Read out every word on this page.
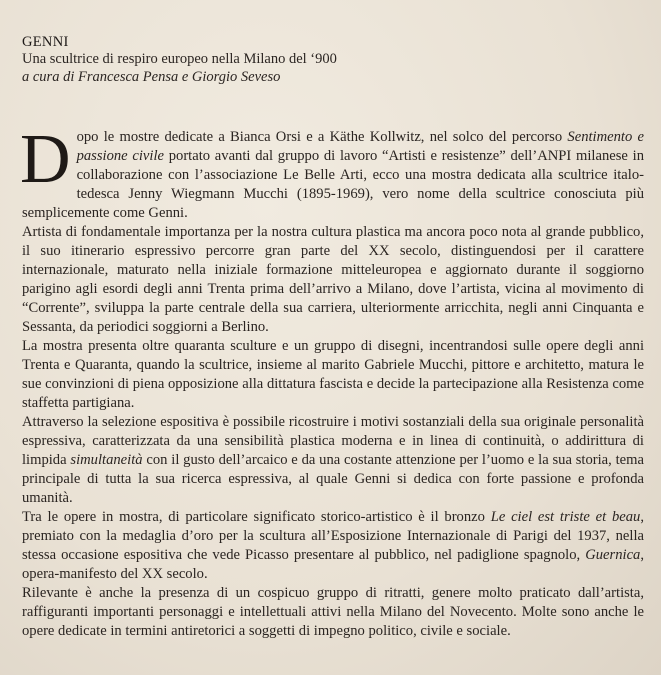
GENNI
Una scultrice di respiro europeo nella Milano del ‘900
a cura di Francesca Pensa e Giorgio Seveso

Dopo le mostre dedicate a Bianca Orsi e a Käthe Kollwitz, nel solco del percorso Sentimento e passione civile portato avanti dal gruppo di lavoro “Artisti e resistenze” dell’ANPI milanese in collaborazione con l’associazione Le Belle Arti, ecco una mostra dedicata alla scultrice italo-tedesca Jenny Wiegmann Mucchi (1895-1969), vero nome della scultrice conosciuta più semplicemente come Genni.

Artista di fondamentale importanza per la nostra cultura plastica ma ancora poco nota al grande pubblico, il suo itinerario espressivo percorre gran parte del XX secolo, distinguendosi per il carattere internazionale, maturato nella iniziale formazione mitteleuropea e aggiornato durante il soggiorno parigino agli esordi degli anni Trenta prima dell’arrivo a Milano, dove l’artista, vicina al movimento di “Corrente”, sviluppa la parte centrale della sua carriera, ulteriormente arricchita, negli anni Cinquanta e Sessanta, da periodici soggiorni a Berlino.

La mostra presenta oltre quaranta sculture e un gruppo di disegni, incentrandosi sulle opere degli anni Trenta e Quaranta, quando la scultrice, insieme al marito Gabriele Mucchi, pittore e architetto, matura le sue convinzioni di piena opposizione alla dittatura fascista e decide la partecipazione alla Resistenza come staffetta partigiana.

Attraverso la selezione espositiva è possibile ricostruire i motivi sostanziali della sua originale personalità espressiva, caratterizzata da una sensibilità plastica moderna e in linea di continuità, o addirittura di limpida simultaneità con il gusto dell’arcaico e da una costante attenzione per l’uomo e la sua storia, tema principale di tutta la sua ricerca espressiva, al quale Genni si dedica con forte passione e profonda umanità.

Tra le opere in mostra, di particolare significato storico-artistico è il bronzo Le ciel est triste et beau, premiato con la medaglia d’oro per la scultura all’Esposizione Internazionale di Parigi del 1937, nella stessa occasione espositiva che vede Picasso presentare al pubblico, nel padiglione spagnolo, Guernica, opera-manifesto del XX secolo.

Rilevante è anche la presenza di un cospicuo gruppo di ritratti, genere molto praticato dall’artista, raffiguranti importanti personaggi e intellettuali attivi nella Milano del Novecento. Molte sono anche le opere dedicate in termini antiretorici a soggetti di impegno politico, civile e sociale.
